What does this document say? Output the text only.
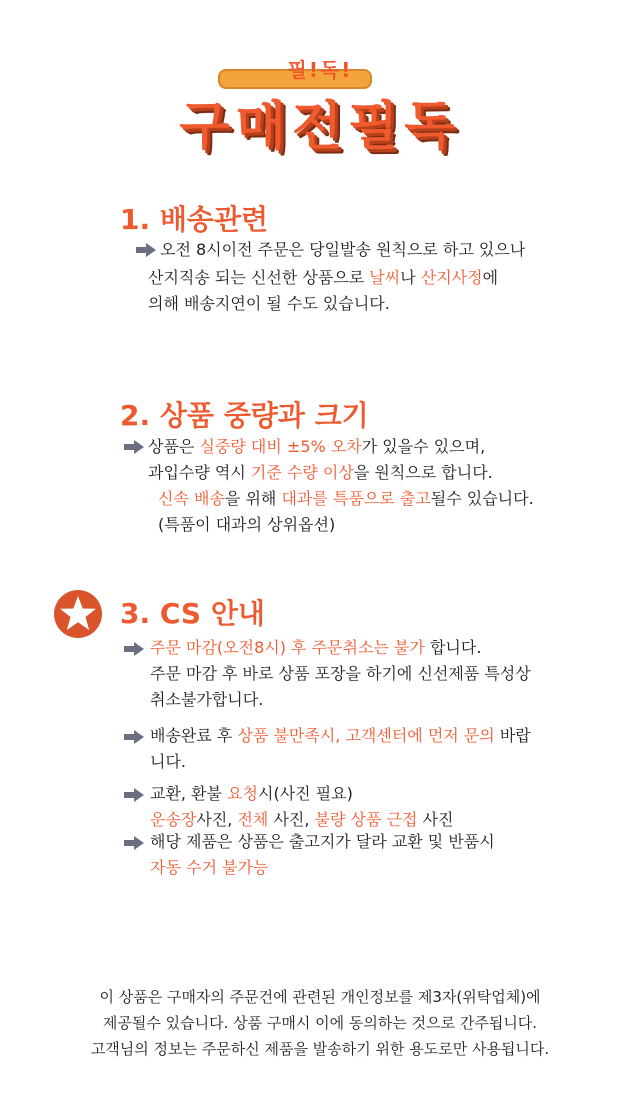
필!독!
구매전필독
1. 배송관련
오전 8시이전 주문은 당일발송 원칙으로 하고 있으나
산지직송 되는 신선한 상품으로 날씨나 산지사정에
의해 배송지연이 될 수도 있습니다.
2. 상품 중량과 크기
상품은 실중량 대비 ±5% 오차가 있을수 있으며,
과입수량 역시 기준 수량 이상을 원칙으로 합니다.
신속 배송을 위해 대과를 특품으로 출고될수 있습니다.
(특품이 대과의 상위옵션)
3. CS 안내
주문 마감(오전8시) 후 주문취소는 불가 합니다.
주문 마감 후 바로 상품 포장을 하기에 신선제품 특성상
취소불가합니다.
배송완료 후 상품 불만족시, 고객센터에 먼저 문의 바랍
니다.
교환, 환불 요청시(사진 필요)
운송장사진, 전체 사진, 불량 상품 근접 사진
해당 제품은 상품은 출고지가 달라 교환 및 반품시
자동 수거 불가능
이 상품은 구매자의 주문건에 관련된 개인정보를 제3자(위탁업체)에
제공될수 있습니다. 상품 구매시 이에 동의하는 것으로 간주됩니다.
고객님의 정보는 주문하신 제품을 발송하기 위한 용도로만 사용됩니다.
